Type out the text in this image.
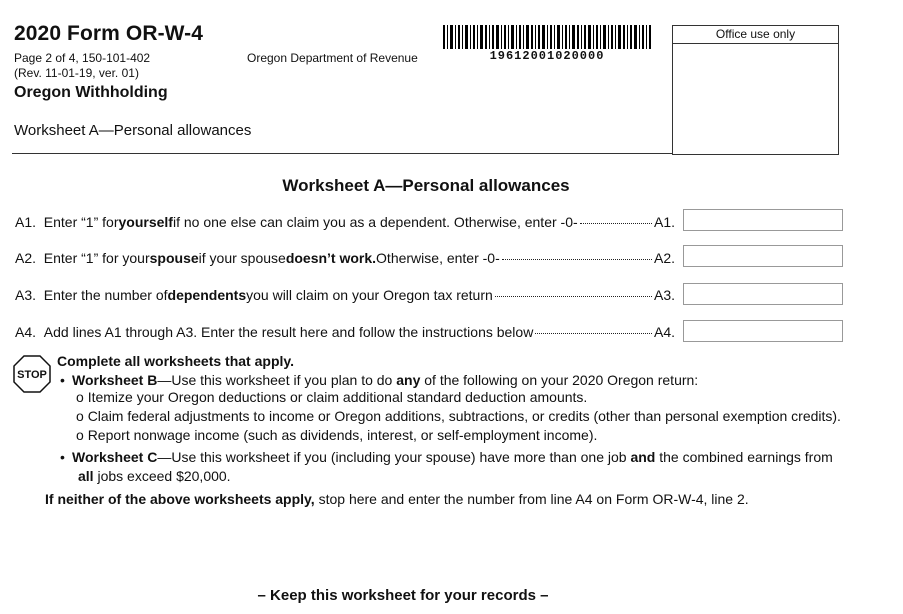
2020 Form OR-W-4
Page 2 of 4, 150-101-402
(Rev. 11-01-19, ver. 01)
Oregon Department of Revenue
Oregon Withholding
Worksheet A—Personal allowances
19612001020000
Office use only
Worksheet A—Personal allowances
A1.
Enter “1” for yourself if no one else can claim you as a dependent. Otherwise, enter -0-	A1.
A2.
Enter “1” for your spouse if your spouse doesn’t work. Otherwise, enter -0-	A2.
A3.
Enter the number of dependents you will claim on your Oregon tax return	A3.
A4.
Add lines A1 through A3. Enter the result here and follow the instructions below	A4.
STOP
Complete all worksheets that apply.
• Worksheet B—Use this worksheet if you plan to do any of the following on your 2020 Oregon return:
o Itemize your Oregon deductions or claim additional standard deduction amounts.
o Claim federal adjustments to income or Oregon additions, subtractions, or credits (other than personal exemption credits).
o Report nonwage income (such as dividends, interest, or self-employment income).
• Worksheet C—Use this worksheet if you (including your spouse) have more than one job and the combined earnings from
all jobs exceed $20,000.
If neither of the above worksheets apply, stop here and enter the number from line A4 on Form OR-W-4, line 2.
– Keep this worksheet for your records –
